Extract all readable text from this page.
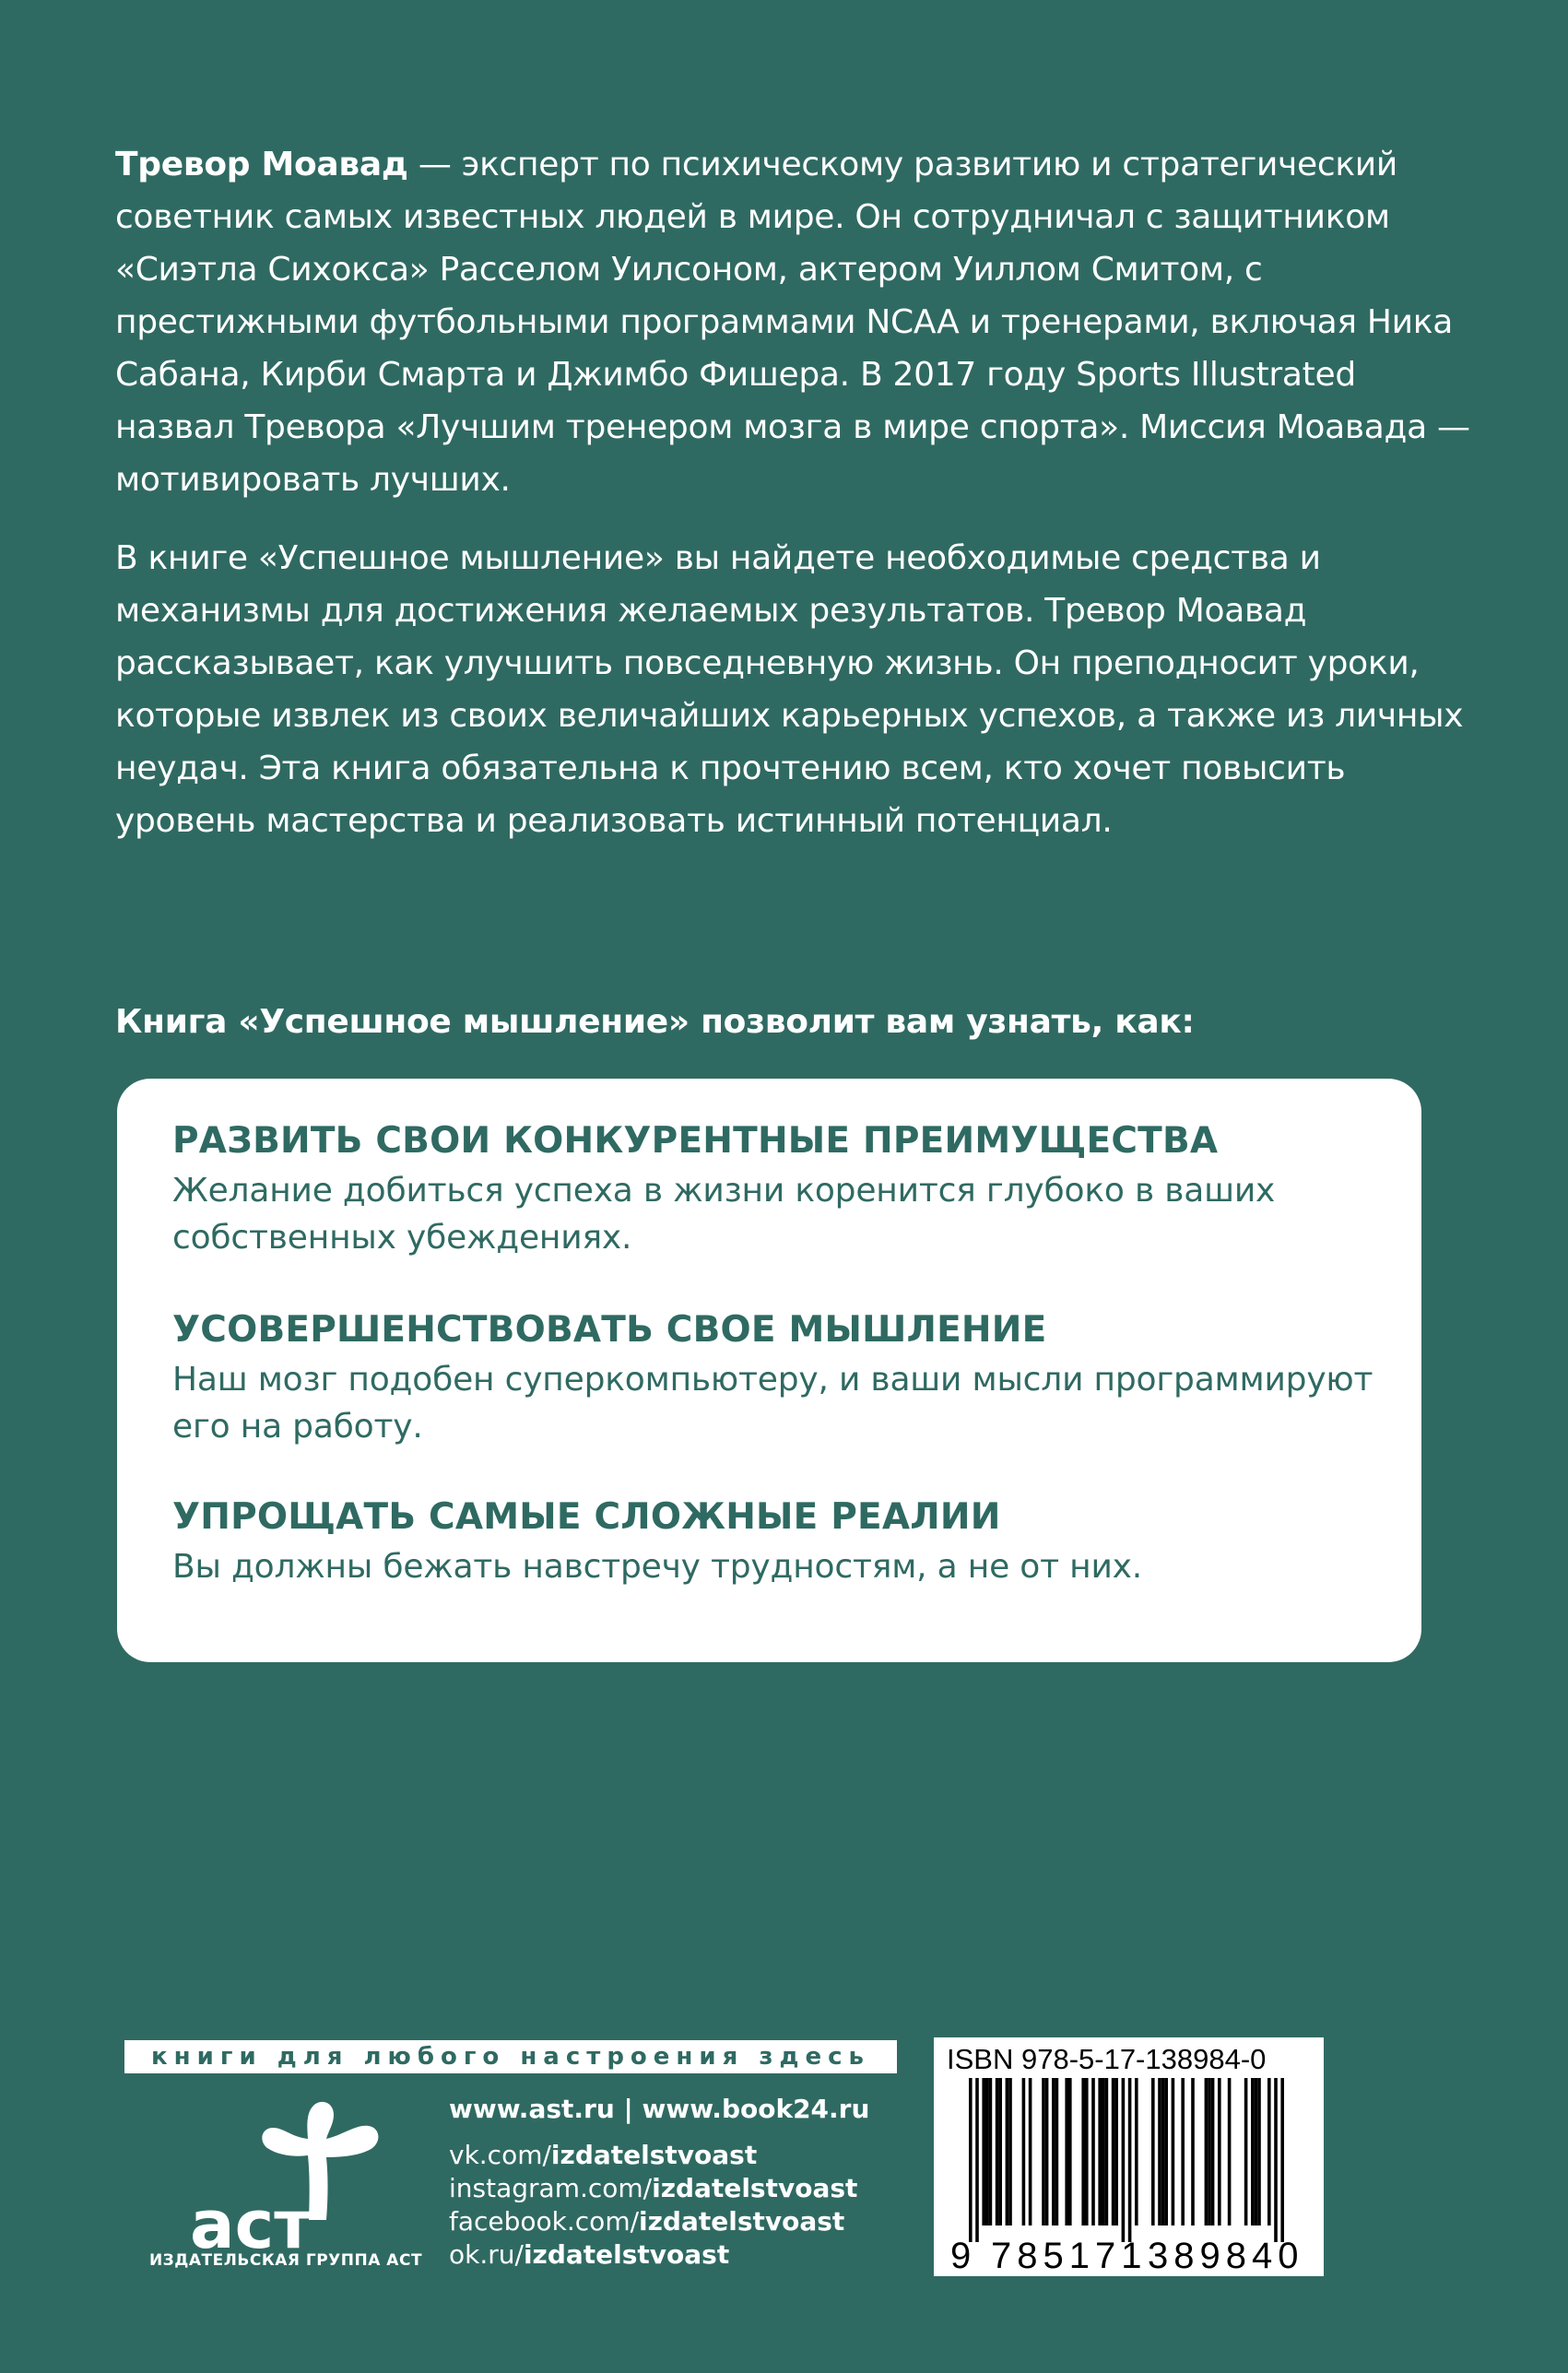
Тревор Моавад — эксперт по психическому развитию и стратегический советник самых известных людей в мире. Он сотрудничал с защитником «Сиэтла Сихокса» Расселом Уилсоном, актером Уиллом Смитом, с престижными футбольными программами NCAA и тренерами, включая Ника Сабана, Кирби Смарта и Джимбо Фишера. В 2017 году Sports Illustrated назвал Тревора «Лучшим тренером мозга в мире спорта». Миссия Моавада — мотивировать лучших.

В книге «Успешное мышление» вы найдете необходимые средства и механизмы для достижения желаемых результатов. Тревор Моавад рассказывает, как улучшить повседневную жизнь. Он преподносит уроки, которые извлек из своих величайших карьерных успехов, а также из личных неудач. Эта книга обязательна к прочтению всем, кто хочет повысить уровень мастерства и реализовать истинный потенциал.

Книга «Успешное мышление» позволит вам узнать, как:
РАЗВИТЬ СВОИ КОНКУРЕНТНЫЕ ПРЕИМУЩЕСТВА
Желание добиться успеха в жизни коренится глубоко в ваших собственных убеждениях.
УСОВЕРШЕНСТВОВАТЬ СВОЕ МЫШЛЕНИЕ
Наш мозг подобен суперкомпьютеру, и ваши мысли программируют его на работу.
УПРОЩАТЬ САМЫЕ СЛОЖНЫЕ РЕАЛИИ
Вы должны бежать навстречу трудностям, а не от них.
книги для любого настроения здесь
аст
ИЗДАТЕЛЬСКАЯ ГРУППА АСТ
www.ast.ru | www.book24.ru
vk.com/izdatelstvoast
instagram.com/izdatelstvoast
facebook.com/izdatelstvoast
ok.ru/izdatelstvoast
ISBN 978-5-17-138984-0
9 785171 389840
